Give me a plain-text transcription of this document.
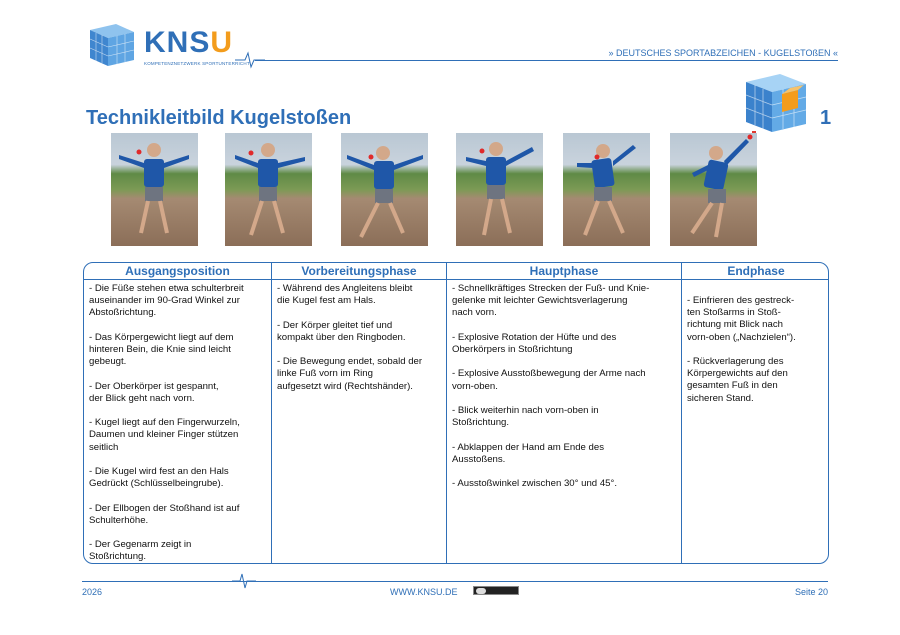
KNSU
KOMPETENZNETZWERK SPORTUNTERRICHT
» DEUTSCHES SPORTABZEICHEN - KUGELSTOßEN «
Technikleitbild Kugelstoßen	1
Ausgangsposition
- Die Füße stehen etwa schulterbreit
auseinander im 90-Grad Winkel zur
Abstoßrichtung.
- Das Körpergewicht liegt auf dem
hinteren Bein, die Knie sind leicht
gebeugt.
- Der Oberkörper ist gespannt,
der Blick geht nach vorn.
- Kugel liegt auf den Fingerwurzeln,
Daumen und kleiner Finger stützen
seitlich
- Die Kugel wird fest an den Hals
Gedrückt (Schlüsselbeingrube).
- Der Ellbogen der Stoßhand ist auf
Schulterhöhe.
- Der Gegenarm zeigt in
Stoßrichtung.
Vorbereitungsphase
- Während des Angleitens bleibt
die Kugel fest am Hals.
- Der Körper gleitet tief und
kompakt über den Ringboden.
- Die Bewegung endet, sobald der
linke Fuß vorn im Ring
aufgesetzt wird (Rechtshänder).
Hauptphase
- Schnellkräftiges Strecken der Fuß- und Knie-
gelenke mit leichter Gewichtsverlagerung
nach vorn.
- Explosive Rotation der Hüfte und des
Oberkörpers in Stoßrichtung
- Explosive Ausstoßbewegung der Arme nach
vorn-oben.
- Blick weiterhin nach vorn-oben in
Stoßrichtung.
- Abklappen der Hand am Ende des
Ausstoßens.
- Ausstoßwinkel zwischen 30° und 45°.
Endphase
- Einfrieren des gestreck-
ten Stoßarms in Stoß-
richtung mit Blick nach
vorn-oben („Nachzielen“).
- Rückverlagerung des
Körpergewichts auf den
gesamten Fuß in den
sicheren Stand.
2026	WWW.KNSU.DE	Seite 20
